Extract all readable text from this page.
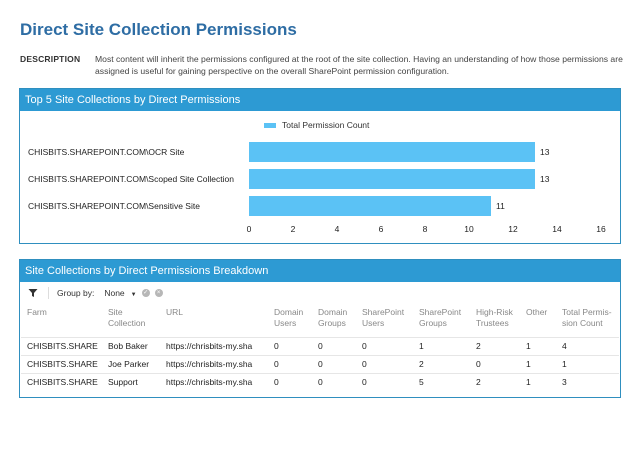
Direct Site Collection Permissions
DESCRIPTION Most content will inherit the permissions configured at the root of the site collection. Having an understanding of how those permissions are assigned is useful for gaining perspective on the overall SharePoint permission configuration.
Top 5 Site Collections by Direct Permissions
Total Permission Count
CHISBITS.SHAREPOINT.COM\OCR Site	13
CHISBITS.SHAREPOINT.COM\Scoped Site Collection	13
CHISBITS.SHAREPOINT.COM\Sensitive Site	11
0	2	4	6	8	10	12	14	16
Site Collections by Direct Permissions Breakdown
Group by: None ▼ ✓	×
Farm	Site Collection	URL	Domain Users	Domain Groups	SharePoint Users	SharePoint Groups	High-Risk Trustees	Other	Total Permis-sion Count
CHISBITS.SHARE	Bob Baker	https://chrisbits-my.sha	0	0	0	1	2	1	4
CHISBITS.SHARE	Joe Parker	https://chrisbits-my.sha	0	0	0	2	0	1	1
CHISBITS.SHARE	Support	https://chrisbits-my.sha	0	0	0	5	2	1	3
